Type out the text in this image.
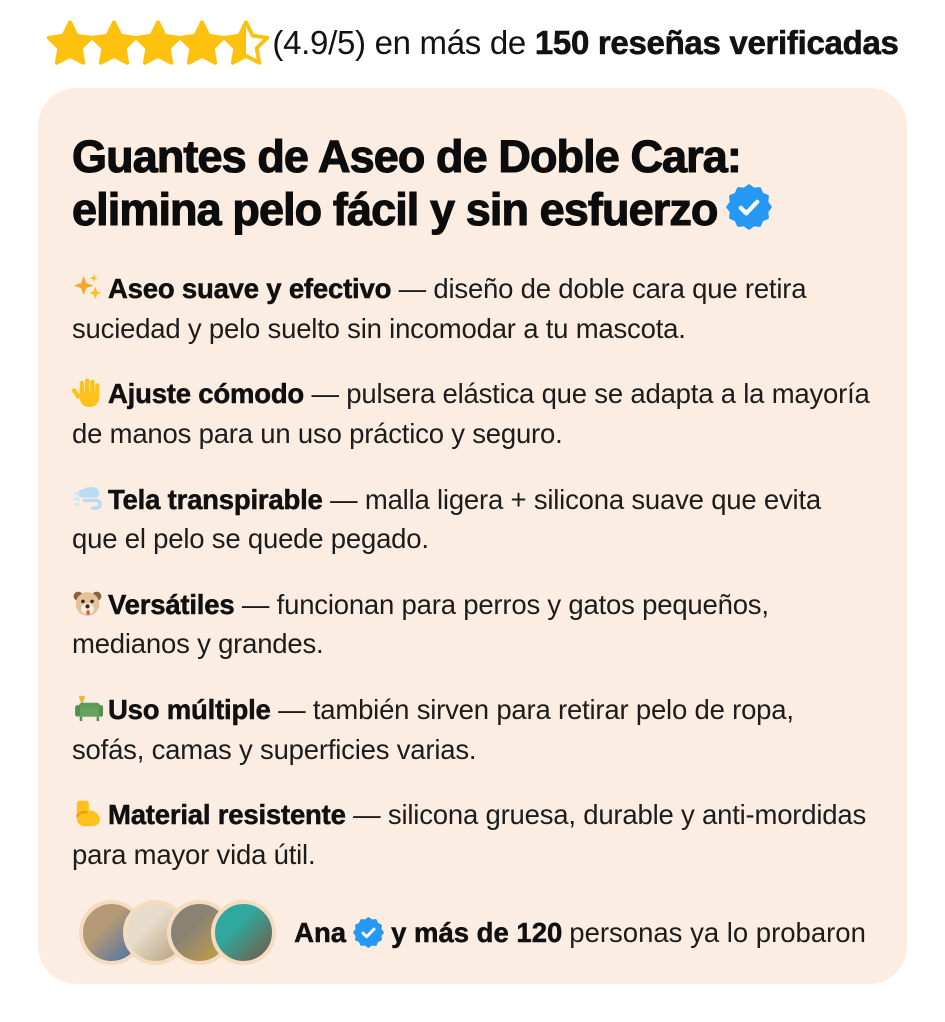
(4.9/5) en más de 150 reseñas verificadas
Guantes de Aseo de Doble Cara:
elimina pelo fácil y sin esfuerzo

Aseo suave y efectivo — diseño de doble cara que retira suciedad y pelo suelto sin incomodar a tu mascota.

Ajuste cómodo — pulsera elástica que se adapta a la mayoría de manos para un uso práctico y seguro.

Tela transpirable — malla ligera + silicona suave que evita que el pelo se quede pegado.

Versátiles — funcionan para perros y gatos pequeños, medianos y grandes.

Uso múltiple — también sirven para retirar pelo de ropa, sofás, camas y superficies varias.

Material resistente — silicona gruesa, durable y anti-mordidas para mayor vida útil.

Ana y más de 120 personas ya lo probaron
